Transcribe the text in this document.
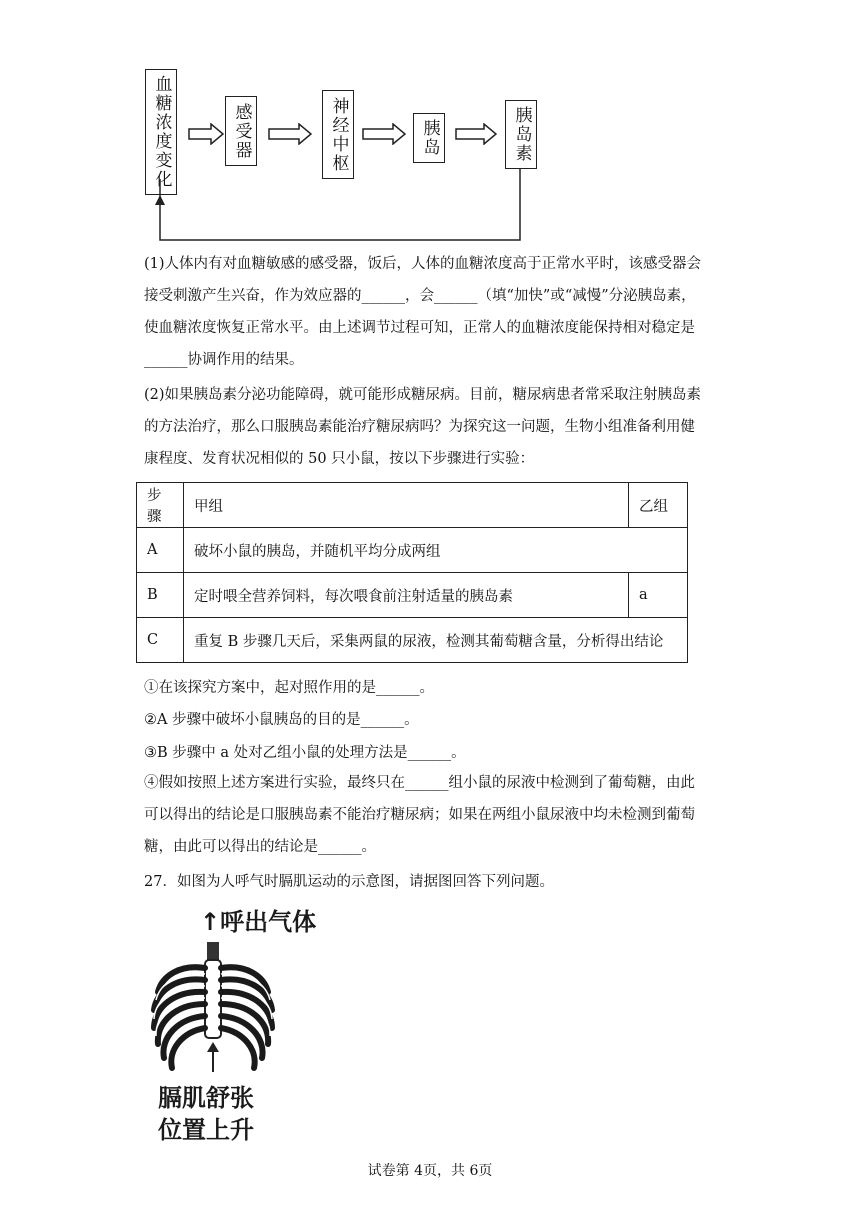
血糖浓度变化	感受器	神经中枢	胰岛	胰岛素
(1)人体内有对血糖敏感的感受器，饭后，人体的血糖浓度高于正常水平时，该感受器会
接受刺激产生兴奋，作为效应器的______，会______（填“加快”或“减慢”分泌胰岛素，
使血糖浓度恢复正常水平。由上述调节过程可知，正常人的血糖浓度能保持相对稳定是
______协调作用的结果。
(2)如果胰岛素分泌功能障碍，就可能形成糖尿病。目前，糖尿病患者常采取注射胰岛素
的方法治疗，那么口服胰岛素能治疗糖尿病吗？为探究这一问题，生物小组准备利用健
康程度、发育状况相似的 50 只小鼠，按以下步骤进行实验：
步骤	甲组	乙组
A	破坏小鼠的胰岛，并随机平均分成两组	
B	定时喂全营养饲料，每次喂食前注射适量的胰岛素	a
C	重复 B 步骤几天后，采集两鼠的尿液，检测其葡萄糖含量，分析得出结论	
①在该探究方案中，起对照作用的是______。
②A 步骤中破坏小鼠胰岛的目的是______。
③B 步骤中 a 处对乙组小鼠的处理方法是______。
④假如按照上述方案进行实验，最终只在______组小鼠的尿液中检测到了葡萄糖，由此
可以得出的结论是口服胰岛素不能治疗糖尿病；如果在两组小鼠尿液中均未检测到葡萄
糖，由此可以得出的结论是______。
27．如图为人呼气时膈肌运动的示意图，请据图回答下列问题。
↑呼出气体
膈肌舒张
位置上升
试卷第 4页，共 6页
